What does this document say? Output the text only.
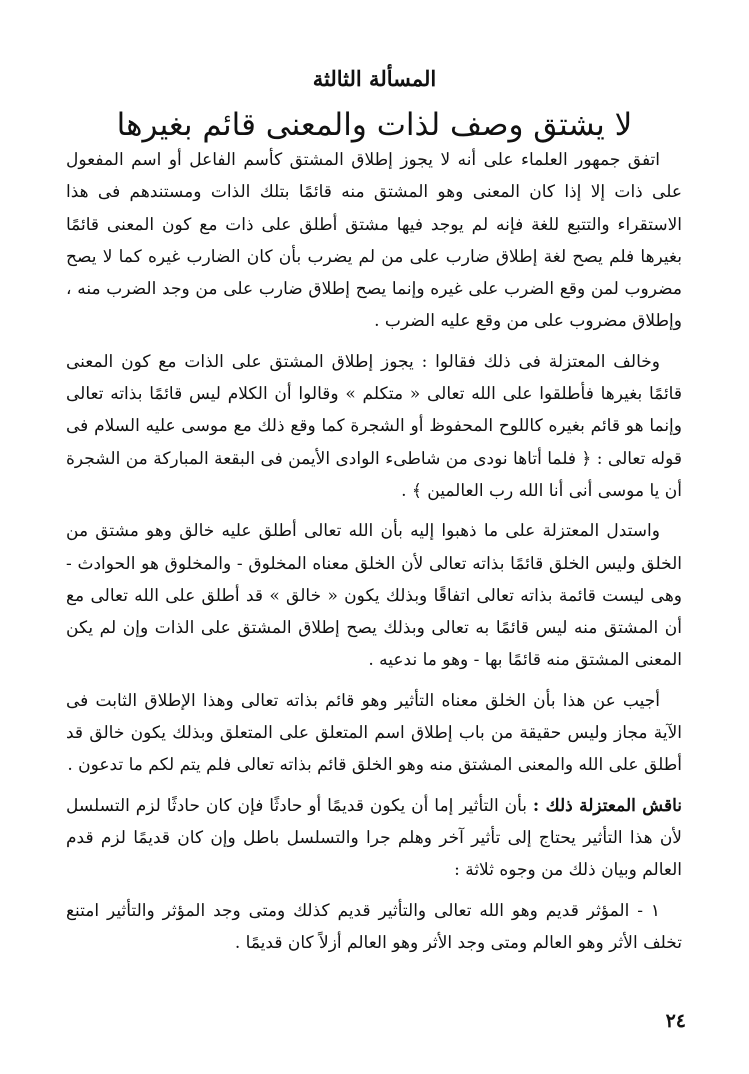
المسألة الثالثة
لا يشتق وصف لذات والمعنى قائم بغيرها

اتفق جمهور العلماء على أنه لا يجوز إطلاق المشتق كأسم الفاعل أو اسم المفعول على ذات إلا إذا كان المعنى وهو المشتق منه قائمًا بتلك الذات ومستندهم فى هذا الاستقراء والتتبع للغة فإنه لم يوجد فيها مشتق أطلق على ذات مع كون المعنى قائمًا بغيرها فلم يصح لغة إطلاق ضارب على من لم يضرب بأن كان الضارب غيره كما لا يصح مضروب لمن وقع الضرب على غيره وإنما يصح إطلاق ضارب على من وجد الضرب منه ، وإطلاق مضروب على من وقع عليه الضرب .

وخالف المعتزلة فى ذلك فقالوا : يجوز إطلاق المشتق على الذات مع كون المعنى قائمًا بغيرها فأطلقوا على الله تعالى « متكلم » وقالوا أن الكلام ليس قائمًا بذاته تعالى وإنما هو قائم بغيره كاللوح المحفوظ أو الشجرة كما وقع ذلك مع موسى عليه السلام فى قوله تعالى : ﴿ فلما أتاها نودى من شاطىء الوادى الأيمن فى البقعة المباركة من الشجرة أن يا موسى أنى أنا الله رب العالمين ﴾ .

واستدل المعتزلة على ما ذهبوا إليه بأن الله تعالى أطلق عليه خالق وهو مشتق من الخلق وليس الخلق قائمًا بذاته تعالى لأن الخلق معناه المخلوق - والمخلوق هو الحوادث - وهى ليست قائمة بذاته تعالى اتفاقًا وبذلك يكون « خالق » قد أطلق على الله تعالى مع أن المشتق منه ليس قائمًا به تعالى وبذلك يصح إطلاق المشتق على الذات وإن لم يكن المعنى المشتق منه قائمًا بها - وهو ما ندعيه .

أجيب عن هذا بأن الخلق معناه التأثير وهو قائم بذاته تعالى وهذا الإطلاق الثابت فى الآية مجاز وليس حقيقة من باب إطلاق اسم المتعلق على المتعلق وبذلك يكون خالق قد أطلق على الله والمعنى المشتق منه وهو الخلق قائم بذاته تعالى فلم يتم لكم ما تدعون .

ناقش المعتزلة ذلك : بأن التأثير إما أن يكون قديمًا أو حادثًا فإن كان حادثًا لزم التسلسل لأن هذا التأثير يحتاج إلى تأثير آخر وهلم جرا والتسلسل باطل وإن كان قديمًا لزم قدم العالم وبيان ذلك من وجوه ثلاثة :

١ - المؤثر قديم وهو الله تعالى والتأثير قديم كذلك ومتى وجد المؤثر والتأثير امتنع تخلف الأثر وهو العالم ومتى وجد الأثر وهو العالم أزلاً كان قديمًا .

٢٤
